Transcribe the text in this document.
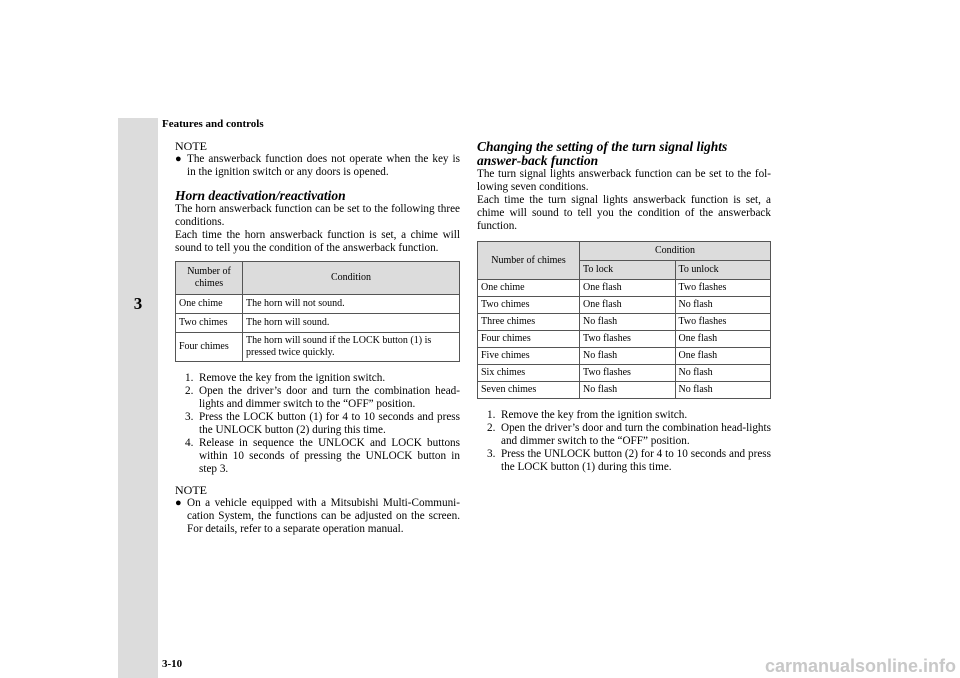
3
Features and controls
3-10
NOTE
● The answerback function does not operate when the key is in the ignition switch or any doors is opened.
Horn deactivation/reactivation

The horn answerback function can be set to the following three conditions.

Each time the horn answerback function is set, a chime will sound to tell you the condition of the answerback function.

Number of chimes	Condition
One chime	The horn will not sound.
Two chimes	The horn will sound.
Four chimes	The horn will sound if the LOCK button (1) is pressed twice quickly.
1. Remove the key from the ignition switch.
2. Open the driver’s door and turn the combination head-lights and dimmer switch to the “OFF” position.
3. Press the LOCK button (1) for 4 to 10 seconds and press the UNLOCK button (2) during this time.
4. Release in sequence the UNLOCK and LOCK buttons within 10 seconds of pressing the UNLOCK button in step 3.
NOTE
● On a vehicle equipped with a Mitsubishi Multi-Communi-cation System, the functions can be adjusted on the screen. For details, refer to a separate operation manual.
Changing the setting of the turn signal lights answer-back function

The turn signal lights answerback function can be set to the fol-lowing seven conditions.

Each time the turn signal lights answerback function is set, a chime will sound to tell you the condition of the answerback function.

Number of chimes	Condition	
	To lock	To unlock
One chime	One flash	Two flashes
Two chimes	One flash	No flash
Three chimes	No flash	Two flashes
Four chimes	Two flashes	One flash
Five chimes	No flash	One flash
Six chimes	Two flashes	No flash
Seven chimes	No flash	No flash
1. Remove the key from the ignition switch.
2. Open the driver’s door and turn the combination head-lights and dimmer switch to the “OFF” position.
3. Press the UNLOCK button (2) for 4 to 10 seconds and press the LOCK button (1) during this time.
carmanualsonline.info
